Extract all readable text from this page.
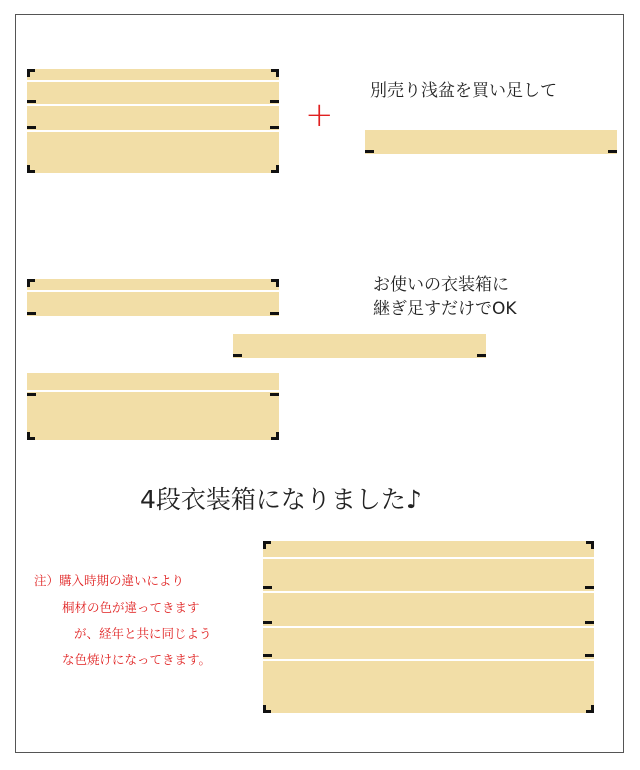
+
別売り浅盆を買い足して
お使いの衣装箱に
継ぎ足すだけでOK
4段衣装箱になりました♪
注）購入時期の違いにより
桐材の色が違ってきます
が、経年と共に同じよう
な色焼けになってきます。
